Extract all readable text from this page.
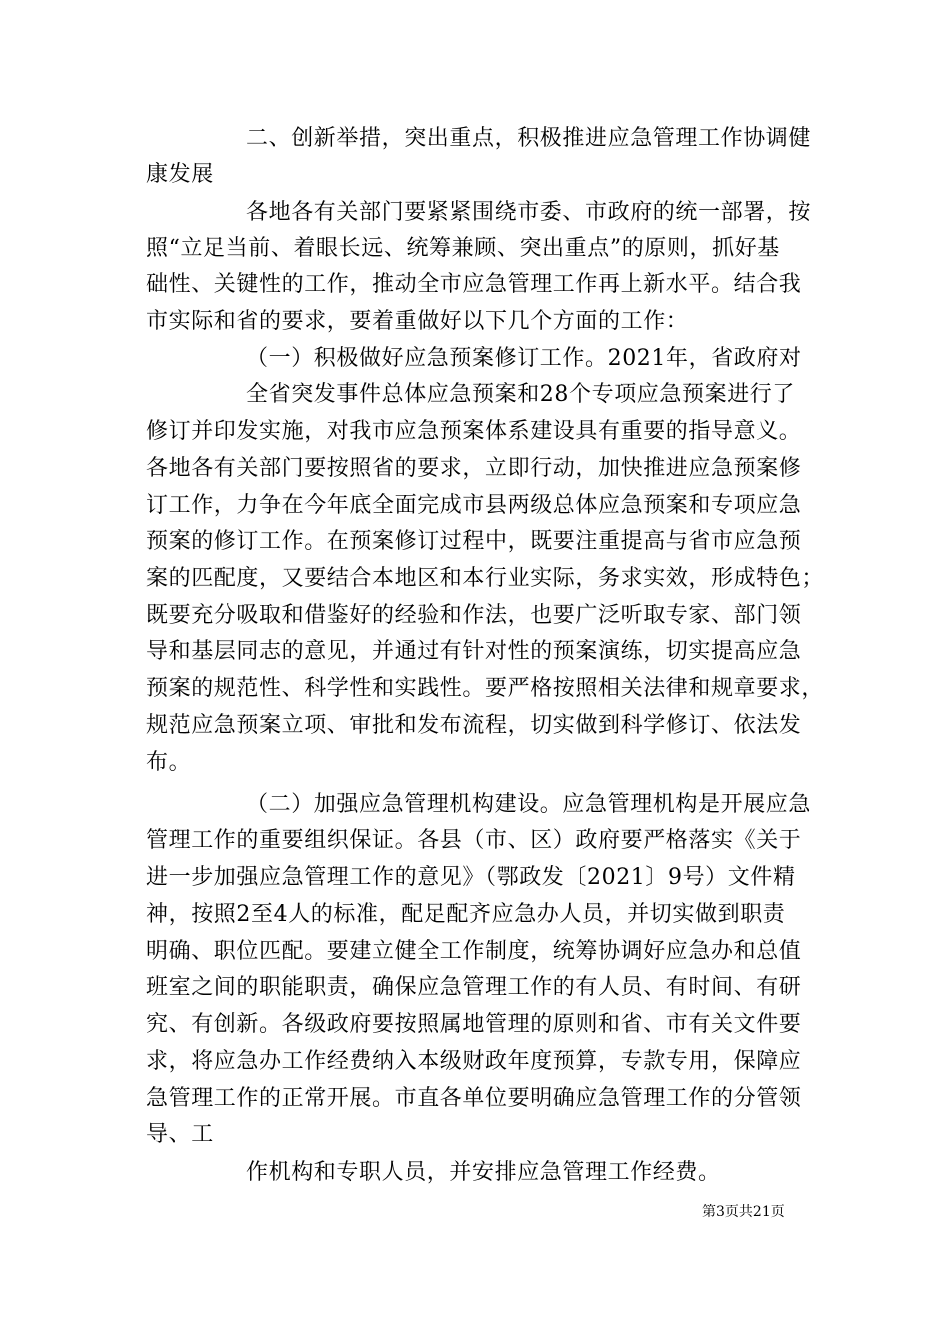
二、创新举措，突出重点，积极推进应急管理工作协调健
康发展
各地各有关部门要紧紧围绕市委、市政府的统一部署，按
照“立足当前、着眼长远、统筹兼顾、突出重点”的原则，抓好基
础性、关键性的工作，推动全市应急管理工作再上新水平。结合我
市实际和省的要求，要着重做好以下几个方面的工作：
（一）积极做好应急预案修订工作。2021年，省政府对
全省突发事件总体应急预案和28个专项应急预案进行了
修订并印发实施，对我市应急预案体系建设具有重要的指导意义。
各地各有关部门要按照省的要求，立即行动，加快推进应急预案修
订工作，力争在今年底全面完成市县两级总体应急预案和专项应急
预案的修订工作。在预案修订过程中，既要注重提高与省市应急预
案的匹配度，又要结合本地区和本行业实际，务求实效，形成特色；
既要充分吸取和借鉴好的经验和作法，也要广泛听取专家、部门领
导和基层同志的意见，并通过有针对性的预案演练，切实提高应急
预案的规范性、科学性和实践性。要严格按照相关法律和规章要求，
规范应急预案立项、审批和发布流程，切实做到科学修订、依法发
布。
（二）加强应急管理机构建设。应急管理机构是开展应急
管理工作的重要组织保证。各县（市、区）政府要严格落实《关于
进一步加强应急管理工作的意见》（鄂政发〔2021〕9号）文件精
神，按照2至4人的标准，配足配齐应急办人员，并切实做到职责
明确、职位匹配。要建立健全工作制度，统筹协调好应急办和总值
班室之间的职能职责，确保应急管理工作的有人员、有时间、有研
究、有创新。各级政府要按照属地管理的原则和省、市有关文件要
求，将应急办工作经费纳入本级财政年度预算，专款专用，保障应
急管理工作的正常开展。市直各单位要明确应急管理工作的分管领
导、工
作机构和专职人员，并安排应急管理工作经费。
第3页共21页
